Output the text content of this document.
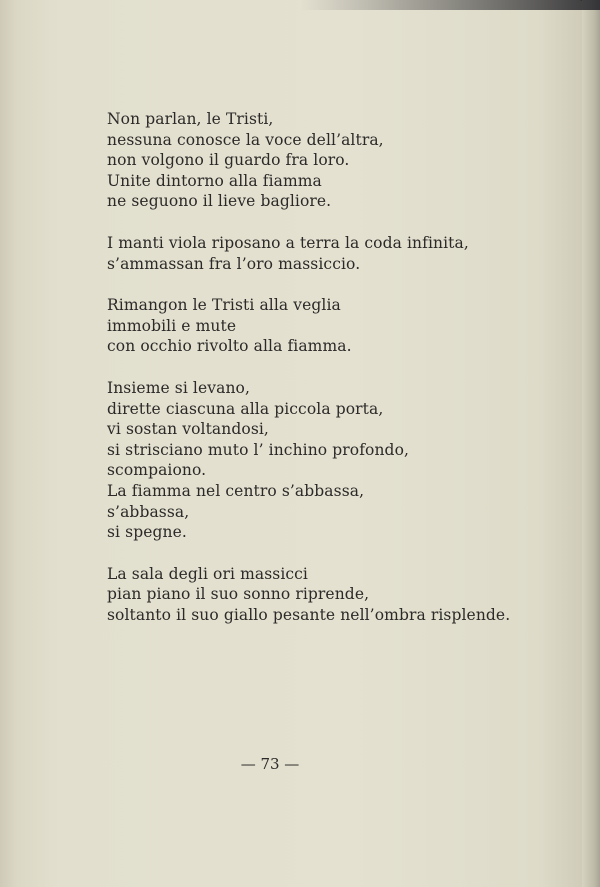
Non parlan, le Tristi,
nessuna conosce la voce dell’altra,
non volgono il guardo fra loro.
Unite dintorno alla fiamma
ne seguono il lieve bagliore.
I manti viola riposano a terra la coda infinita,
s’ammassan fra l’oro massiccio.
Rimangon le Tristi alla veglia
immobili e mute
con occhio rivolto alla fiamma.
Insieme si levano,
dirette ciascuna alla piccola porta,
vi sostan voltandosi,
si strisciano muto l’ inchino profondo,
scompaiono.
La fiamma nel centro s’abbassa,
s’abbassa,
si spegne.
La sala degli ori massicci
pian piano il suo sonno riprende,
soltanto il suo giallo pesante nell’ombra risplende.
— 73 —
